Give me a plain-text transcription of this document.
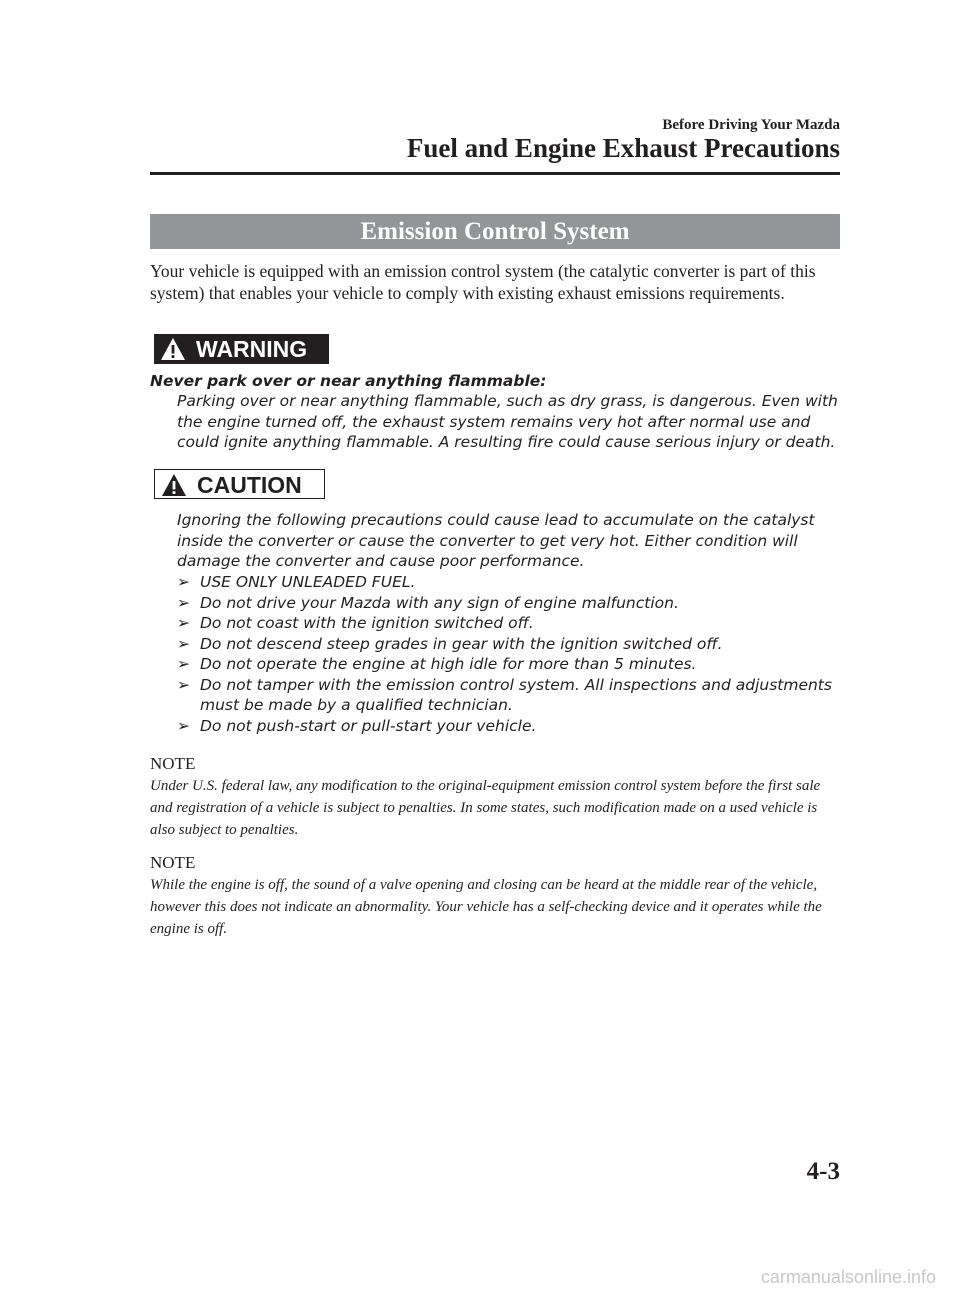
Before Driving Your Mazda
Fuel and Engine Exhaust Precautions
Emission Control System
Your vehicle is equipped with an emission control system (the catalytic converter is part of this system) that enables your vehicle to comply with existing exhaust emissions requirements.
WARNING
Never park over or near anything flammable:
Parking over or near anything flammable, such as dry grass, is dangerous. Even with the engine turned off, the exhaust system remains very hot after normal use and could ignite anything flammable. A resulting fire could cause serious injury or death.
CAUTION
Ignoring the following precautions could cause lead to accumulate on the catalyst inside the converter or cause the converter to get very hot. Either condition will damage the converter and cause poor performance.
➢ USE ONLY UNLEADED FUEL.
➢ Do not drive your Mazda with any sign of engine malfunction.
➢ Do not coast with the ignition switched off.
➢ Do not descend steep grades in gear with the ignition switched off.
➢ Do not operate the engine at high idle for more than 5 minutes.
➢ Do not tamper with the emission control system. All inspections and adjustments must be made by a qualified technician.
➢ Do not push-start or pull-start your vehicle.
NOTE
Under U.S. federal law, any modification to the original-equipment emission control system before the first sale and registration of a vehicle is subject to penalties. In some states, such modification made on a used vehicle is also subject to penalties.
NOTE
While the engine is off, the sound of a valve opening and closing can be heard at the middle rear of the vehicle, however this does not indicate an abnormality. Your vehicle has a self-checking device and it operates while the engine is off.
4-3
carmanualsonline.info
